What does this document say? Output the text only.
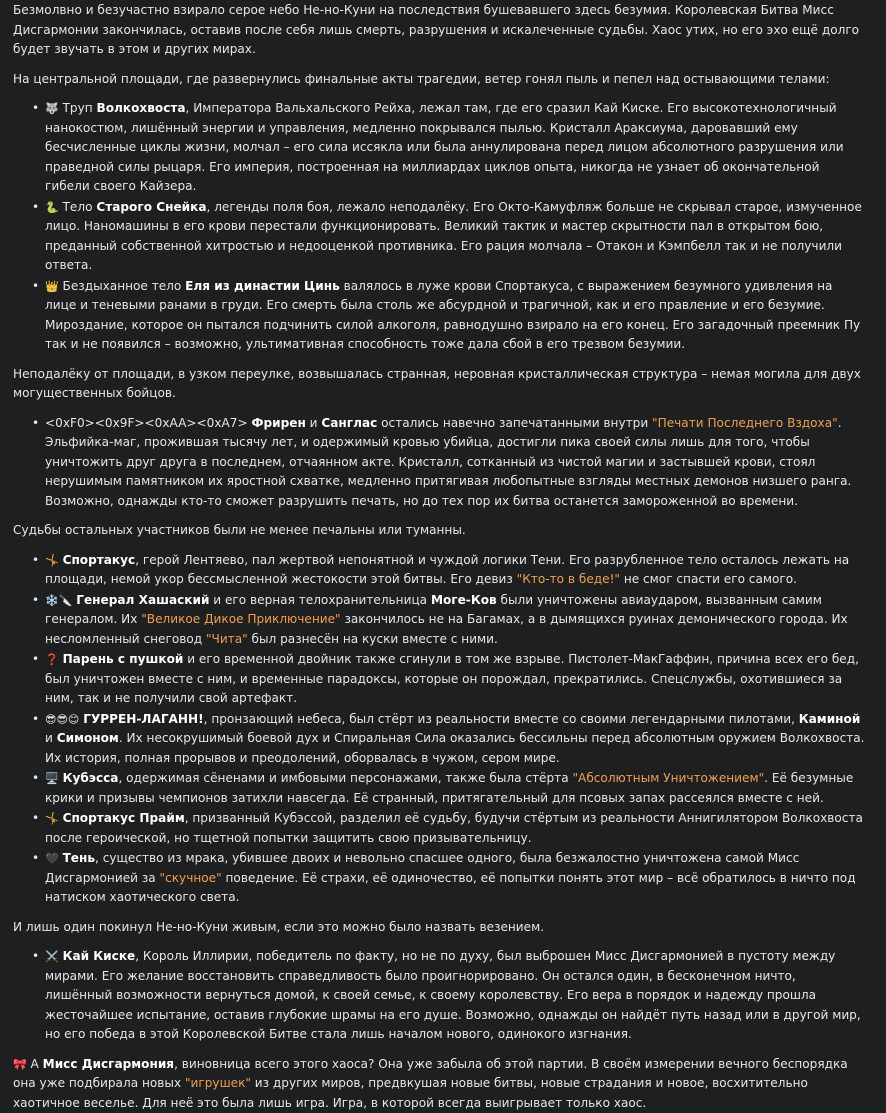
Безмолвно и безучастно взирало серое небо Не-но-Куни на последствия бушевавшего здесь безумия. Королевская Битва Мисс Дисгармонии закончилась, оставив после себя лишь смерть, разрушения и искалеченные судьбы. Хаос утих, но его эхо ещё долго будет звучать в этом и других мирах.

На центральной площади, где развернулись финальные акты трагедии, ветер гонял пыль и пепел над остывающими телами:

• 🐺 Труп Волкохвоста, Императора Вальхальского Рейха, лежал там, где его сразил Кай Киске. Его высокотехнологичный нанокостюм, лишённый энергии и управления, медленно покрывался пылью. Кристалл Араксиума, даровавший ему бесчисленные циклы жизни, молчал – его сила иссякла или была аннулирована перед лицом абсолютного разрушения или праведной силы рыцаря. Его империя, построенная на миллиардах циклов опыта, никогда не узнает об окончательной гибели своего Кайзера.
• 🐍 Тело Старого Снейка, легенды поля боя, лежало неподалёку. Его Окто-Камуфляж больше не скрывал старое, измученное лицо. Наномашины в его крови перестали функционировать. Великий тактик и мастер скрытности пал в открытом бою, преданный собственной хитростью и недооценкой противника. Его рация молчала – Отакон и Кэмпбелл так и не получили ответа.
• 👑 Бездыханное тело Еля из династии Цинь валялось в луже крови Спортакуса, с выражением безумного удивления на лице и теневыми ранами в груди. Его смерть была столь же абсурдной и трагичной, как и его правление и его безумие. Мироздание, которое он пытался подчинить силой алкоголя, равнодушно взирало на его конец. Его загадочный преемник Пу так и не появился – возможно, ультимативная способность тоже дала сбой в его трезвом безумии.

Неподалёку от площади, в узком переулке, возвышалась странная, неровная кристаллическая структура – немая могила для двух могущественных бойцов.

• <0xF0><0x9F><0xAA><0xA7> Фрирен и Санглас остались навечно запечатанными внутри "Печати Последнего Вздоха". Эльфийка-маг, прожившая тысячу лет, и одержимый кровью убийца, достигли пика своей силы лишь для того, чтобы уничтожить друг друга в последнем, отчаянном акте. Кристалл, сотканный из чистой магии и застывшей крови, стоял нерушимым памятником их яростной схватке, медленно притягивая любопытные взгляды местных демонов низшего ранга. Возможно, однажды кто-то сможет разрушить печать, но до тех пор их битва останется замороженной во времени.

Судьбы остальных участников были не менее печальны или туманны.

• 🤸 Спортакус, герой Лентяево, пал жертвой непонятной и чуждой логики Тени. Его разрубленное тело осталось лежать на площади, немой укор бессмысленной жестокости этой битвы. Его девиз "Кто-то в беде!" не смог спасти его самого.
• ❄️🔪 Генерал Хашаский и его верная телохранительница Моге-Ков были уничтожены авиаударом, вызванным самим генералом. Их "Великое Дикое Приключение" закончилось не на Багамах, а в дымящихся руинах демонического города. Их несломленный снеговод "Чита" был разнесён на куски вместе с ними.
• ❓ Парень с пушкой и его временной двойник также сгинули в том же взрыве. Пистолет-МакГаффин, причина всех его бед, был уничтожен вместе с ним, и временные парадоксы, которые он порождал, прекратились. Спецслужбы, охотившиеся за ним, так и не получили свой артефакт.
• 😎😎😊 ГУРРЕН-ЛАГАНН!, пронзающий небеса, был стёрт из реальности вместе со своими легендарными пилотами, Каминой и Симоном. Их несокрушимый боевой дух и Спиральная Сила оказались бессильны перед абсолютным оружием Волкохвоста. Их история, полная прорывов и преодолений, оборвалась в чужом, сером мире.
• 🖥️ Кубэсса, одержимая сёненами и имбовыми персонажами, также была стёрта "Абсолютным Уничтожением". Её безумные крики и призывы чемпионов затихли навсегда. Её странный, притягательный для псовых запах рассеялся вместе с ней.
• 🤸 Спортакус Прайм, призванный Кубэссой, разделил её судьбу, будучи стёртым из реальности Аннигилятором Волкохвоста после героической, но тщетной попытки защитить свою призывательницу.
• 🖤 Тень, существо из мрака, убившее двоих и невольно спасшее одного, была безжалостно уничтожена самой Мисс Дисгармонией за "скучное" поведение. Её страхи, её одиночество, её попытки понять этот мир – всё обратилось в ничто под натиском хаотического света.

И лишь один покинул Не-но-Куни живым, если это можно было назвать везением.

• ⚔️ Кай Киске, Король Иллирии, победитель по факту, но не по духу, был выброшен Мисс Дисгармонией в пустоту между мирами. Его желание восстановить справедливость было проигнорировано. Он остался один, в бесконечном ничто, лишённый возможности вернуться домой, к своей семье, к своему королевству. Его вера в порядок и надежду прошла жесточайшее испытание, оставив глубокие шрамы на его душе. Возможно, однажды он найдёт путь назад или в другой мир, но его победа в этой Королевской Битве стала лишь началом нового, одинокого изгнания.

🎀 А Мисс Дисгармония, виновница всего этого хаоса? Она уже забыла об этой партии. В своём измерении вечного беспорядка она уже подбирала новых "игрушек" из других миров, предвкушая новые битвы, новые страдания и новое, восхитительно хаотичное веселье. Для неё это была лишь игра. Игра, в которой всегда выигрывает только хаос.
